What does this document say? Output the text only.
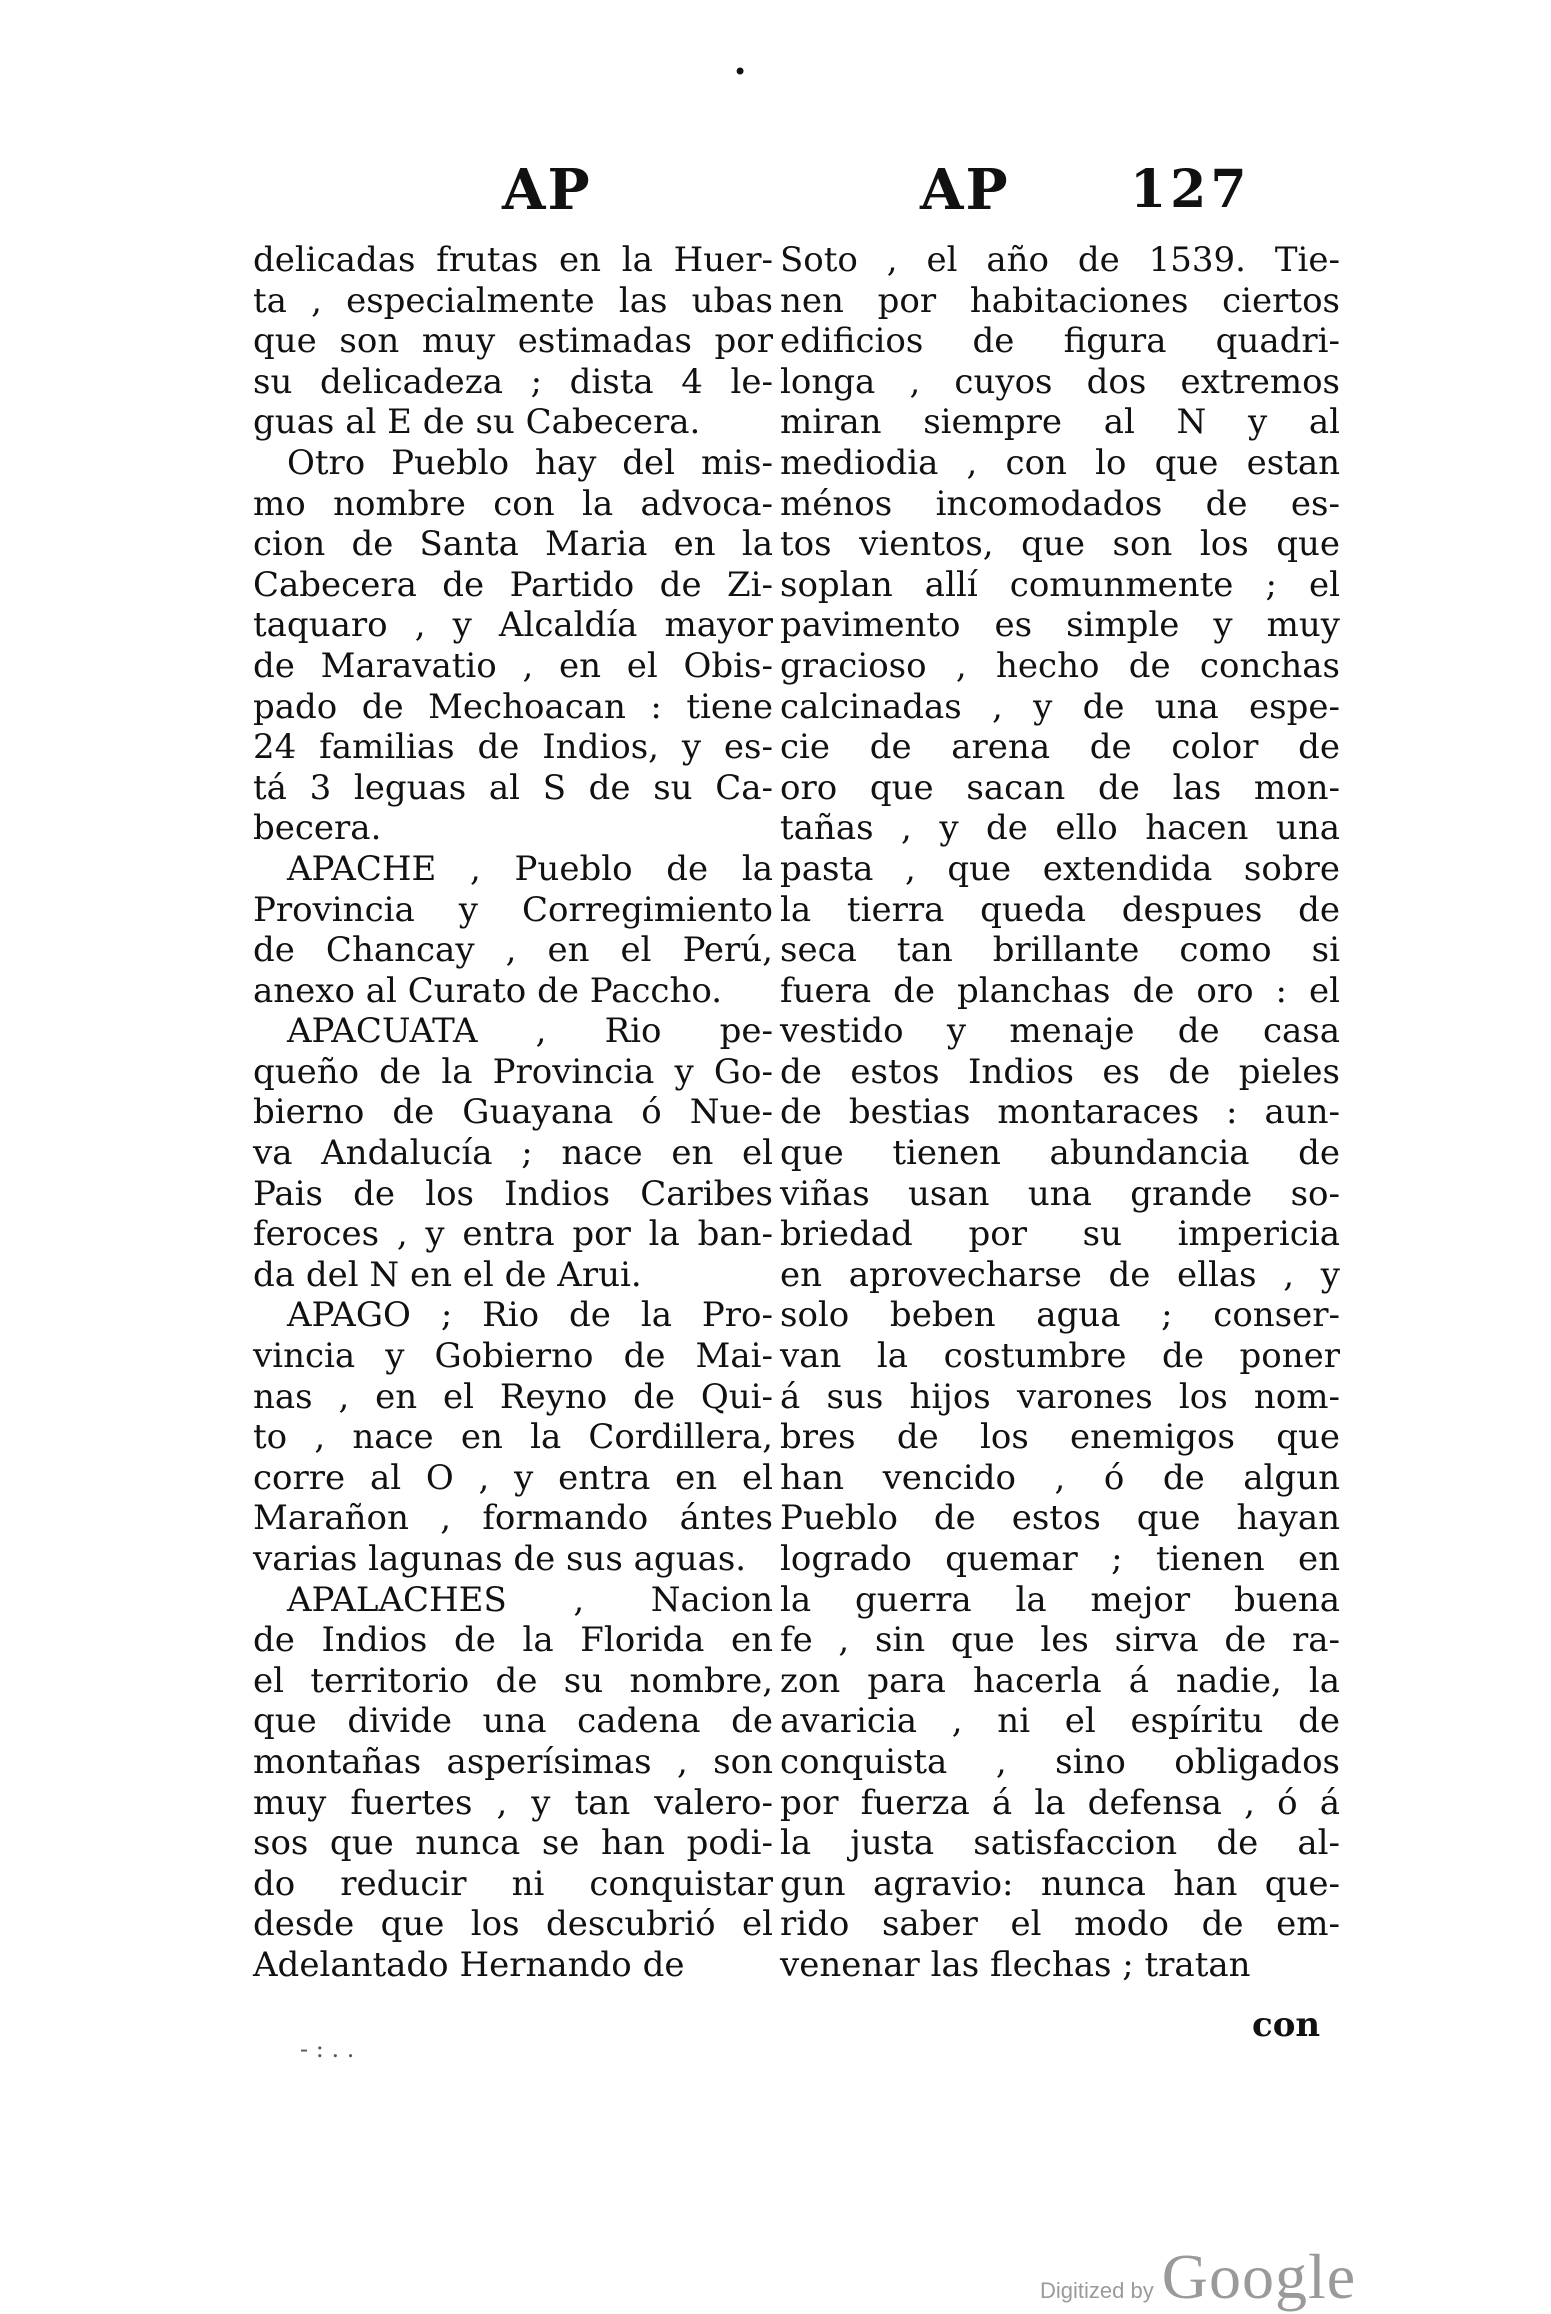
•
AP	AP 127
delicadas frutas en la Huer-
ta , especialmente las ubas
que son muy estimadas por
su delicadeza ; dista 4 le-
guas al E de su Cabecera.
Otro Pueblo hay del mis-
mo nombre con la advoca-
cion de Santa Maria en la
Cabecera de Partido de Zi-
taquaro , y Alcaldía mayor
de Maravatio , en el Obis-
pado de Mechoacan : tiene
24 familias de Indios, y es-
tá 3 leguas al S de su Ca-
becera.
APACHE , Pueblo de la
Provincia y Corregimiento
de Chancay , en el Perú,
anexo al Curato de Paccho.
APACUATA , Rio pe-
queño de la Provincia y Go-
bierno de Guayana ó Nue-
va Andalucía ; nace en el
Pais de los Indios Caribes
feroces , y entra por la ban-
da del N en el de Arui.
APAGO ; Rio de la Pro-
vincia y Gobierno de Mai-
nas , en el Reyno de Qui-
to , nace en la Cordillera,
corre al O , y entra en el
Marañon , formando ántes
varias lagunas de sus aguas.
APALACHES , Nacion
de Indios de la Florida en
el territorio de su nombre,
que divide una cadena de
montañas asperísimas , son
muy fuertes , y tan valero-
sos que nunca se han podi-
do reducir ni conquistar
desde que los descubrió el
Adelantado Hernando de
Soto , el año de 1539. Tie-
nen por habitaciones ciertos
edificios de figura quadri-
longa , cuyos dos extremos
miran siempre al N y al
mediodia , con lo que estan
ménos incomodados de es-
tos vientos, que son los que
soplan allí comunmente ; el
pavimento es simple y muy
gracioso , hecho de conchas
calcinadas , y de una espe-
cie de arena de color de
oro que sacan de las mon-
tañas , y de ello hacen una
pasta , que extendida sobre
la tierra queda despues de
seca tan brillante como si
fuera de planchas de oro : el
vestido y menaje de casa
de estos Indios es de pieles
de bestias montaraces : aun-
que tienen abundancia de
viñas usan una grande so-
briedad por su impericia
en aprovecharse de ellas , y
solo beben agua ; conser-
van la costumbre de poner
á sus hijos varones los nom-
bres de los enemigos que
han vencido , ó de algun
Pueblo de estos que hayan
logrado quemar ; tienen en
la guerra la mejor buena
fe , sin que les sirva de ra-
zon para hacerla á nadie, la
avaricia , ni el espíritu de
conquista , sino obligados
por fuerza á la defensa , ó á
la justa satisfaccion de al-
gun agravio: nunca han que-
rido saber el modo de em-
venenar las flechas ; tratan
con
- : . .
Digitized by Google
